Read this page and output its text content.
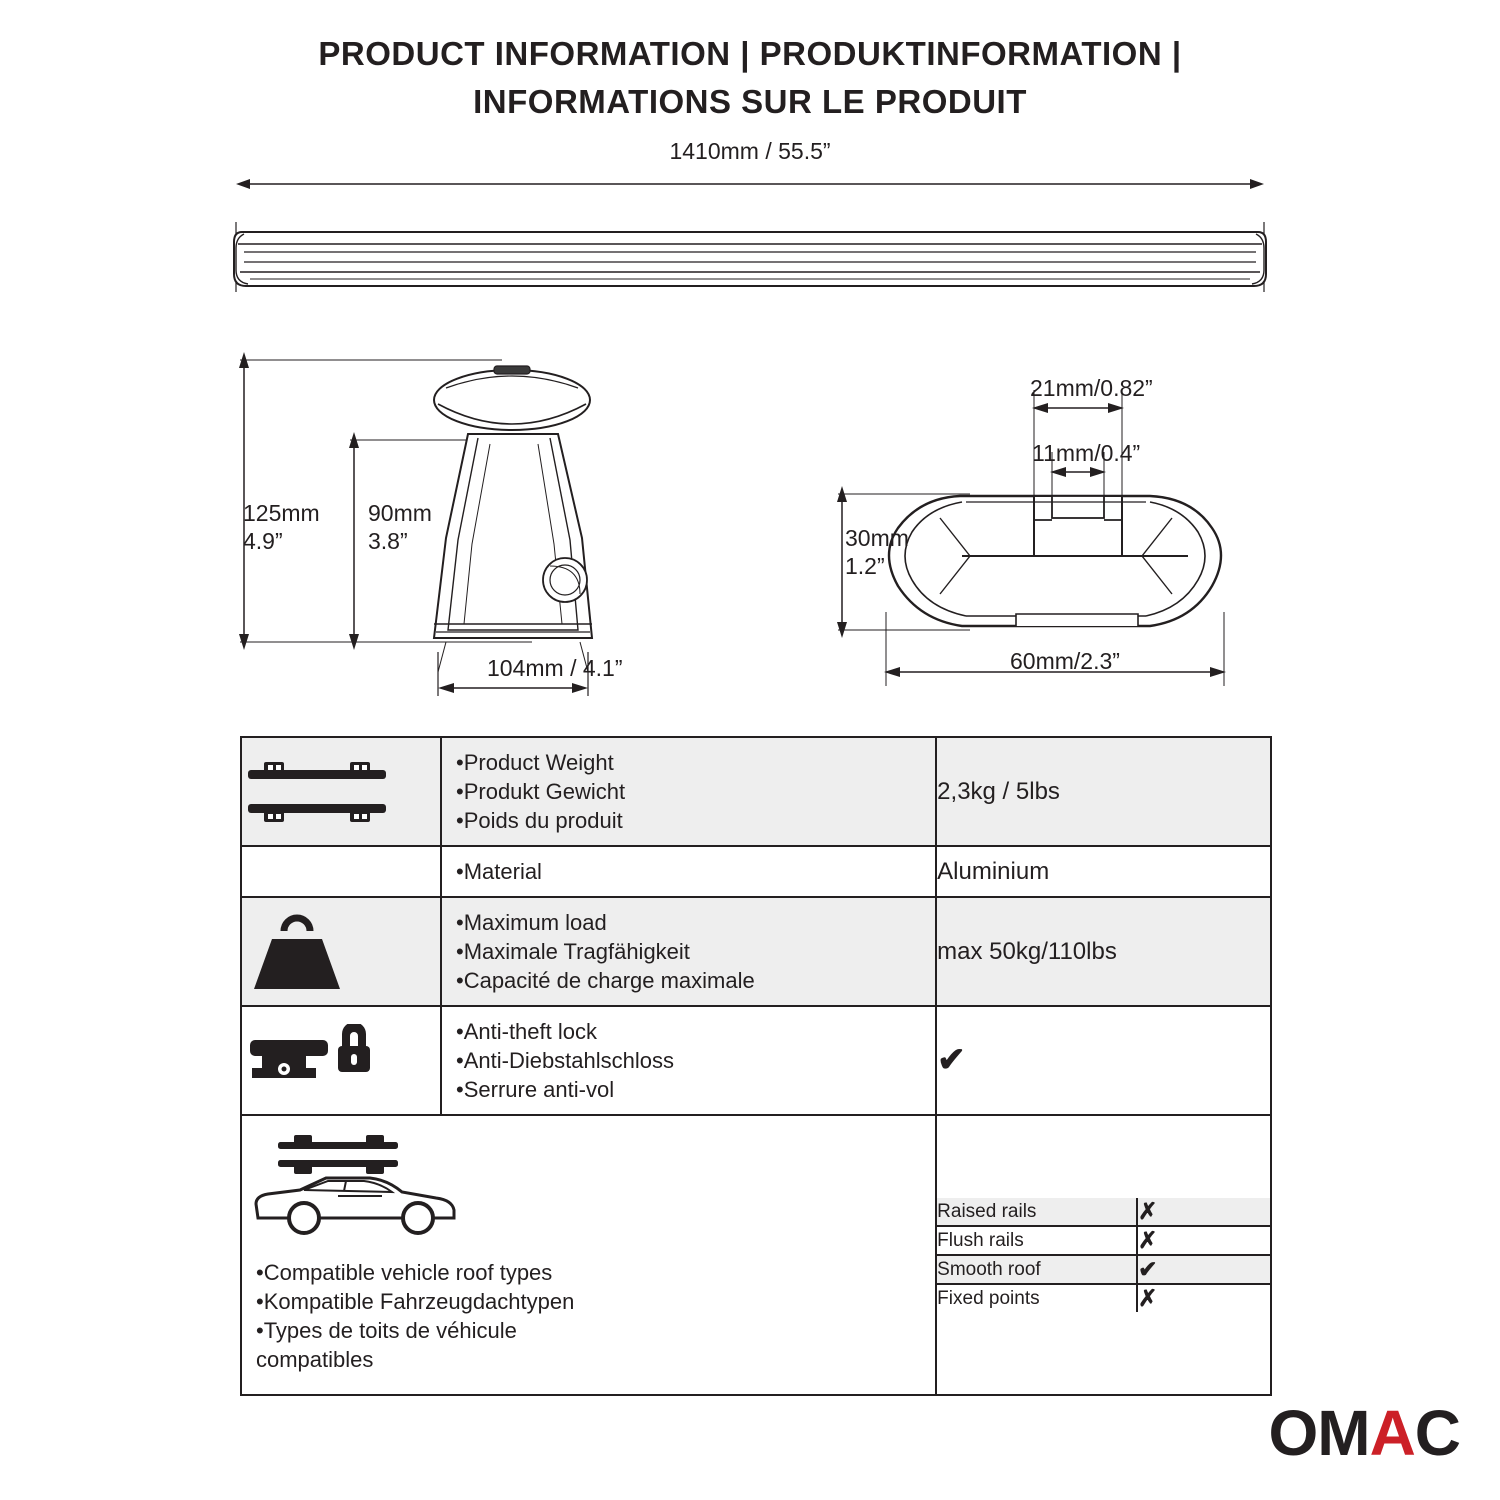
PRODUCT INFORMATION | PRODUKTINFORMATION |
INFORMATIONS SUR LE PRODUIT
1410mm / 55.5”
125mm
4.9”
90mm
3.8”
104mm / 4.1”
21mm/0.82”
11mm/0.4”
30mm
1.2”
60mm/2.3”

•Product Weight
•Produkt Gewicht
•Poids du produit
	2,3kg / 5lbs

•Material	Aluminium

•Maximum load
•Maximale Tragfähigkeit
•Capacité de charge maximale
	max 50kg/110lbs

•Anti-theft lock
•Anti-Diebstahlschloss
•Serrure anti-vol
	✔

•Compatible vehicle roof types
•Kompatible Fahrzeugdachtypen
•Types de toits de véhicule
compatibles

Raised rails	✗
Flush rails	✗
Smooth roof	✔
Fixed points	✗
OMAC
